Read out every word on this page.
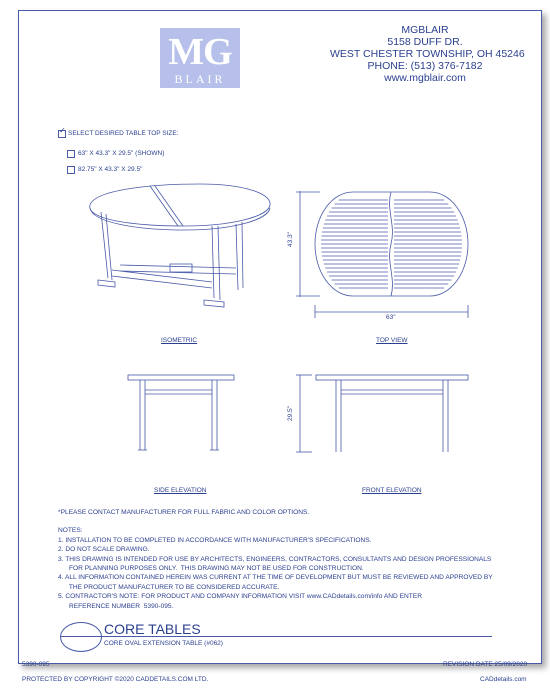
MG
BLAIR
MGBLAIR
5158 DUFF DR.
WEST CHESTER TOWNSHIP, OH 45246
PHONE: (513) 376-7182
www.mgblair.com
✓ SELECT DESIRED TABLE TOP SIZE:
63" X 43.3" X 29.5" (SHOWN)
82.75" X 43.3" X 29.5"
43.3"
63"
29.5"
ISOMETRIC	TOP VIEW
SIDE ELEVATION	FRONT ELEVATION
*PLEASE CONTACT MANUFACTURER FOR FULL FABRIC AND COLOR OPTIONS.
NOTES:
1. INSTALLATION TO BE COMPLETED IN ACCORDANCE WITH MANUFACTURER'S SPECIFICATIONS.
2. DO NOT SCALE DRAWING.
3. THIS DRAWING IS INTENDED FOR USE BY ARCHITECTS, ENGINEERS, CONTRACTORS, CONSULTANTS AND DESIGN PROFESSIONALS
FOR PLANNING PURPOSES ONLY.  THIS DRAWING MAY NOT BE USED FOR CONSTRUCTION.
4. ALL INFORMATION CONTAINED HEREIN WAS CURRENT AT THE TIME OF DEVELOPMENT BUT MUST BE REVIEWED AND APPROVED BY
THE PRODUCT MANUFACTURER TO BE CONSIDERED ACCURATE.
5. CONTRACTOR'S NOTE: FOR PRODUCT AND COMPANY INFORMATION VISIT www.CADdetails.com/info AND ENTER
REFERENCE NUMBER  5390-095.
CORE TABLES
CORE OVAL EXTENSION TABLE (#062)
5390-095	REVISION DATE 25/09/2020
PROTECTED BY COPYRIGHT ©2020 CADDETAILS.COM LTD.	CADdetails.com
